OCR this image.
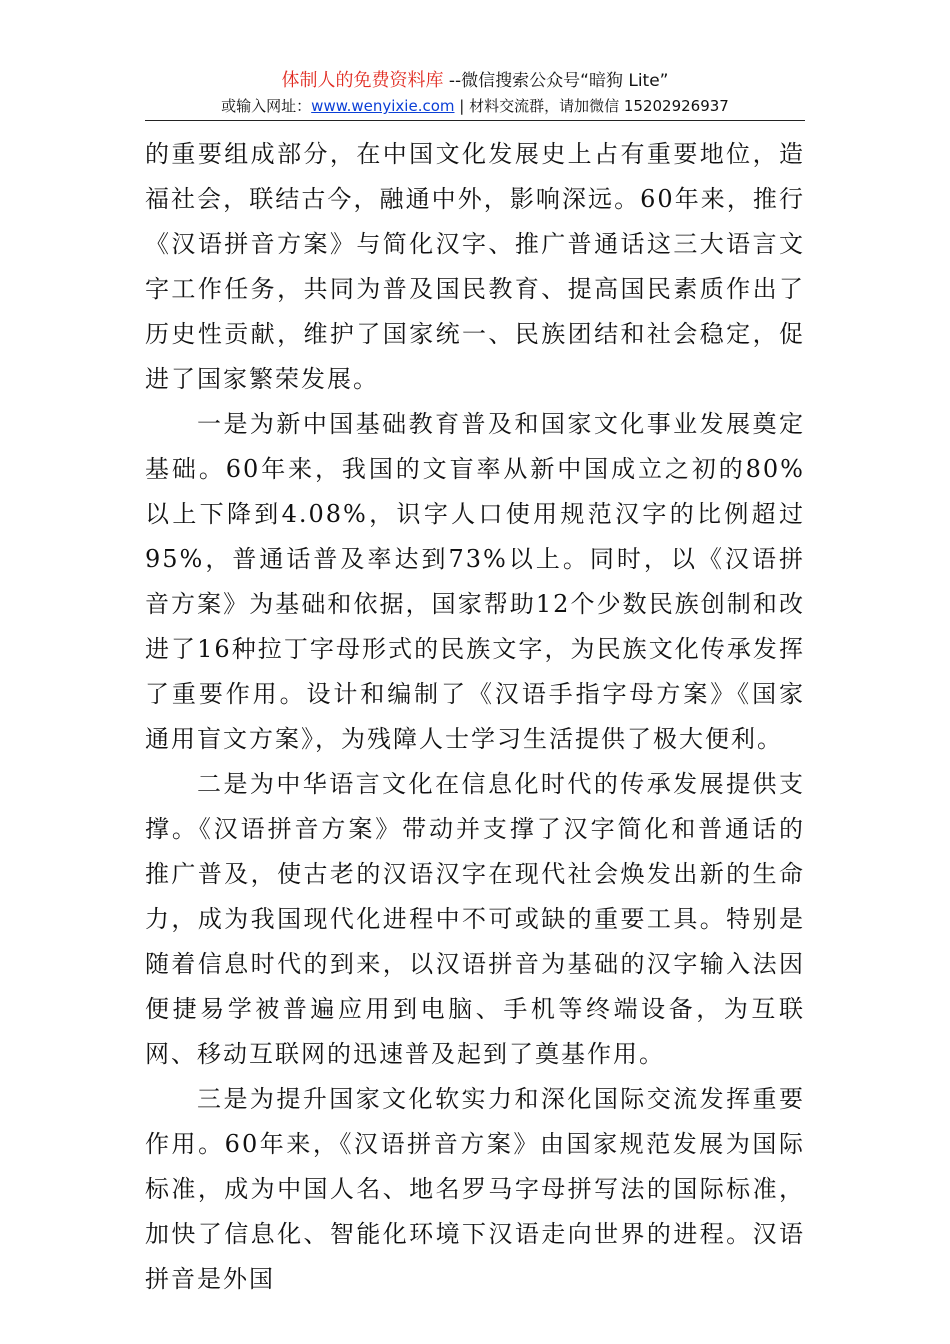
体制人的免费资料库 --微信搜索公众号“暗狗 Lite”
或输入网址：www.wenyixie.com | 材料交流群，请加微信 15202926937

的重要组成部分，在中国文化发展史上占有重要地位，造福社会，联结古今，融通中外，影响深远。60年来，推行《汉语拼音方案》与简化汉字、推广普通话这三大语言文字工作任务，共同为普及国民教育、提高国民素质作出了历史性贡献，维护了国家统一、民族团结和社会稳定，促进了国家繁荣发展。

一是为新中国基础教育普及和国家文化事业发展奠定基础。60年来，我国的文盲率从新中国成立之初的80%以上下降到4.08%，识字人口使用规范汉字的比例超过95%，普通话普及率达到73%以上。同时，以《汉语拼音方案》为基础和依据，国家帮助12个少数民族创制和改进了16种拉丁字母形式的民族文字，为民族文化传承发挥了重要作用。设计和编制了《汉语手指字母方案》《国家通用盲文方案》，为残障人士学习生活提供了极大便利。

二是为中华语言文化在信息化时代的传承发展提供支撑。《汉语拼音方案》带动并支撑了汉字简化和普通话的推广普及，使古老的汉语汉字在现代社会焕发出新的生命力，成为我国现代化进程中不可或缺的重要工具。特别是随着信息时代的到来，以汉语拼音为基础的汉字输入法因便捷易学被普遍应用到电脑、手机等终端设备，为互联网、移动互联网的迅速普及起到了奠基作用。

三是为提升国家文化软实力和深化国际交流发挥重要作用。60年来，《汉语拼音方案》由国家规范发展为国际标准，成为中国人名、地名罗马字母拼写法的国际标准，加快了信息化、智能化环境下汉语走向世界的进程。汉语拼音是外国
